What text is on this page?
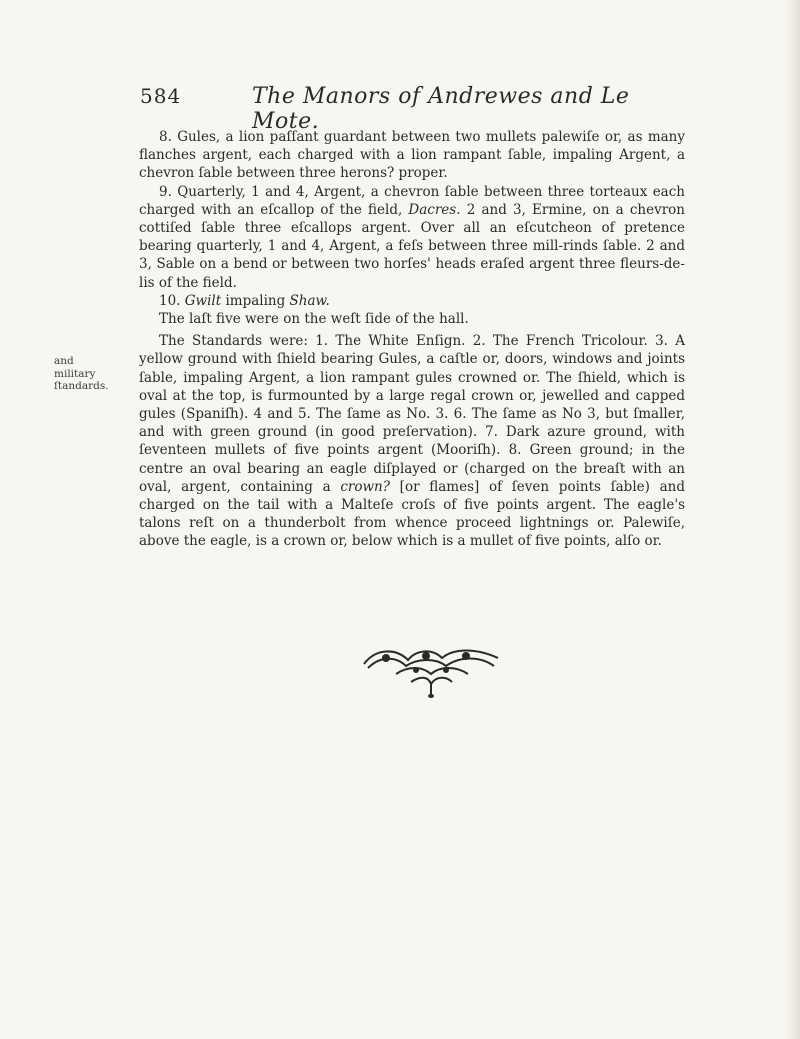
584	The Manors of Andrewes and Le Mote.
and
military
ſtandards.

8. Gules, a lion paſſant guardant between two mullets palewiſe or, as many flanches argent, each charged with a lion rampant ſable, impaling Argent, a chevron ſable between three herons? proper.

9. Quarterly, 1 and 4, Argent, a chevron ſable between three torteaux each charged with an eſcallop of the field, Dacres. 2 and 3, Ermine, on a chevron cottiſed ſable three eſcallops argent. Over all an eſcutcheon of pretence bearing quarterly, 1 and 4, Argent, a feſs between three mill-rinds ſable. 2 and 3, Sable on a bend or between two horſes' heads eraſed argent three fleurs-de-lis of the field.

10. Gwilt impaling Shaw.

The laſt five were on the weſt ſide of the hall.

The Standards were: 1. The White Enſign. 2. The French Tricolour. 3. A yellow ground with ſhield bearing Gules, a caſtle or, doors, windows and joints ſable, impaling Argent, a lion rampant gules crowned or. The ſhield, which is oval at the top, is furmounted by a large regal crown or, jewelled and capped gules (Spaniſh). 4 and 5. The ſame as No. 3. 6. The ſame as No 3, but ſmaller, and with green ground (in good preſervation). 7. Dark azure ground, with ſeventeen mullets of five points argent (Mooriſh). 8. Green ground; in the centre an oval bearing an eagle diſplayed or (charged on the breaſt with an oval, argent, containing a crown? [or flames] of ſeven points ſable) and charged on the tail with a Malteſe croſs of five points argent. The eagle's talons reſt on a thunderbolt from whence proceed lightnings or. Palewiſe, above the eagle, is a crown or, below which is a mullet of five points, alſo or.
